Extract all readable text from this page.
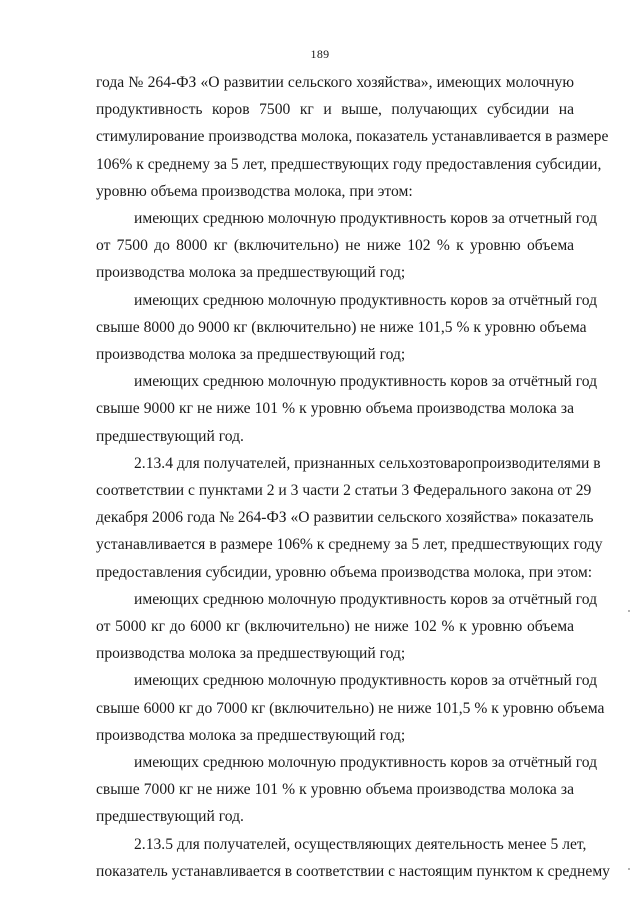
189

года № 264-ФЗ «О развитии сельского хозяйства», имеющих молочную
продуктивность коров 7500 кг и выше, получающих субсидии на
стимулирование производства молока, показатель устанавливается в размере
106% к среднему за 5 лет, предшествующих году предоставления субсидии,
уровню объема производства молока, при этом:

имеющих среднюю молочную продуктивность коров за отчетный год
от 7500 до 8000 кг (включительно) не ниже 102 % к уровню объема
производства молока за предшествующий год;

имеющих среднюю молочную продуктивность коров за отчётный год
свыше 8000 до 9000 кг (включительно) не ниже 101,5 % к уровню объема
производства молока за предшествующий год;

имеющих среднюю молочную продуктивность коров за отчётный год
свыше 9000 кг не ниже 101 % к уровню объема производства молока за
предшествующий год.

2.13.4 для получателей, признанных сельхозтоваропроизводителями в
соответствии с пунктами 2 и 3 части 2 статьи 3 Федерального закона от 29
декабря 2006 года № 264-ФЗ «О развитии сельского хозяйства» показатель
устанавливается в размере 106% к среднему за 5 лет, предшествующих году
предоставления субсидии, уровню объема производства молока, при этом:

имеющих среднюю молочную продуктивность коров за отчётный год
от 5000 кг до 6000 кг (включительно) не ниже 102 % к уровню объема
производства молока за предшествующий год;

имеющих среднюю молочную продуктивность коров за отчётный год
свыше 6000 кг до 7000 кг (включительно) не ниже 101,5 % к уровню объема
производства молока за предшествующий год;

имеющих среднюю молочную продуктивность коров за отчётный год
свыше 7000 кг не ниже 101 % к уровню объема производства молока за
предшествующий год.

2.13.5 для получателей, осуществляющих деятельность менее 5 лет,
показатель устанавливается в соответствии с настоящим пунктом к среднему
